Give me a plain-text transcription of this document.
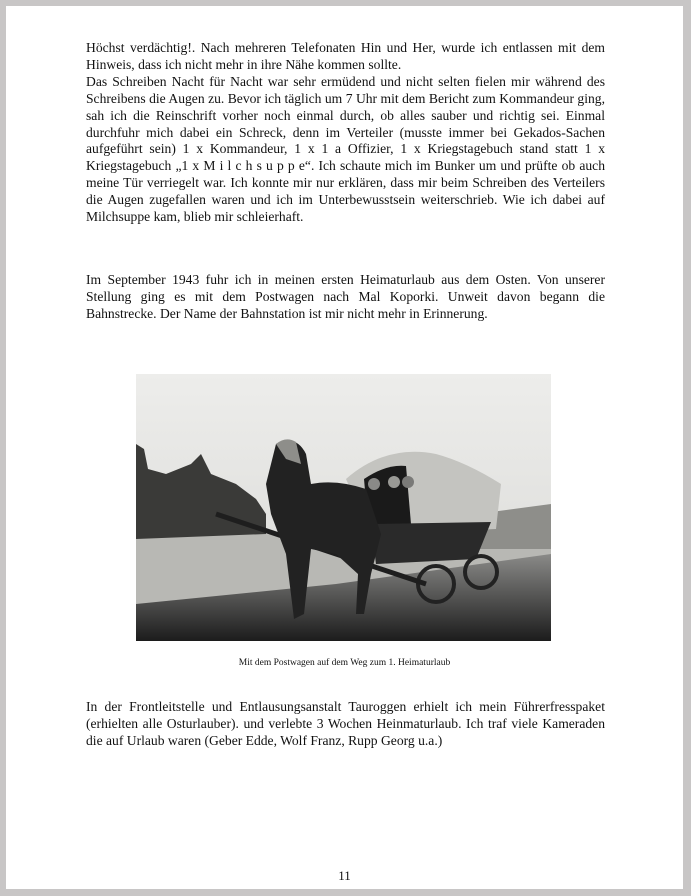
Höchst verdächtig!. Nach mehreren Telefonaten Hin und Her, wurde ich entlassen mit dem Hinweis, dass ich nicht mehr in ihre Nähe kommen sollte.

Das Schreiben Nacht für Nacht war sehr ermüdend und nicht selten fielen mir während des Schreibens die Augen zu. Bevor ich täglich um 7 Uhr mit dem Bericht zum Kommandeur ging, sah ich die Reinschrift vorher noch einmal durch, ob alles sauber und richtig sei. Einmal durchfuhr mich dabei ein Schreck, denn im Verteiler (musste immer bei Gekados-Sachen aufgeführt sein) 1 x Kommandeur, 1 x 1 a Offizier, 1 x Kriegstagebuch stand statt 1 x Kriegstagebuch „1 x M i l c h s u p p e“. Ich schaute mich im Bunker um und prüfte ob auch meine Tür verriegelt war. Ich konnte mir nur erklären, dass mir beim Schreiben des Verteilers die Augen zugefallen waren und ich im Unterbewusstsein weiterschrieb. Wie ich dabei auf Milchsuppe kam, blieb mir schleierhaft.

Im September 1943 fuhr ich in meinen ersten Heimaturlaub aus dem Osten. Von unserer Stellung ging es mit dem Postwagen nach Mal Koporki. Unweit davon begann die Bahnstrecke. Der Name der Bahnstation ist mir nicht mehr in Erinnerung.

Mit dem Postwagen auf dem Weg zum 1. Heimaturlaub

In der Frontleitstelle und Entlausungsanstalt Tauroggen erhielt ich mein Führerfresspaket (erhielten alle Osturlauber). und verlebte 3 Wochen Heinmaturlaub. Ich traf viele Kameraden die auf Urlaub waren (Geber Edde, Wolf Franz, Rupp Georg u.a.)

11
